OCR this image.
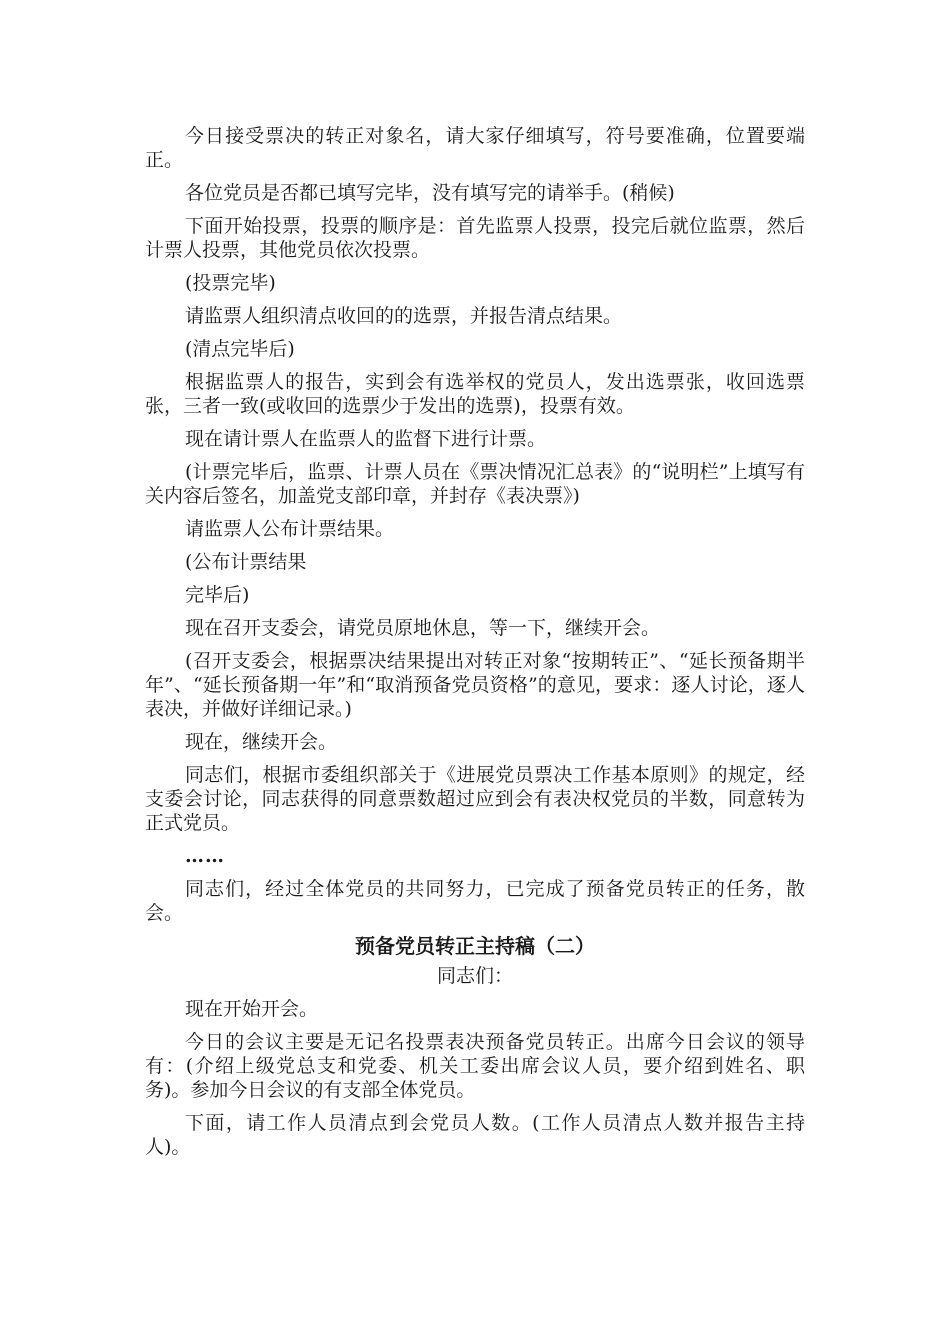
今日接受票决的转正对象名，请大家仔细填写，符号要准确，位置要端正。

各位党员是否都已填写完毕，没有填写完的请举手。(稍候)

下面开始投票，投票的顺序是：首先监票人投票，投完后就位监票，然后计票人投票，其他党员依次投票。

(投票完毕)

请监票人组织清点收回的的选票，并报告清点结果。

(清点完毕后)

根据监票人的报告，实到会有选举权的党员人，发出选票张，收回选票张，三者一致(或收回的选票少于发出的选票)，投票有效。

现在请计票人在监票人的监督下进行计票。

(计票完毕后，监票、计票人员在《票决情况汇总表》的“说明栏”上填写有关内容后签名，加盖党支部印章，并封存《表决票》)

请监票人公布计票结果。

(公布计票结果

完毕后)

现在召开支委会，请党员原地休息，等一下，继续开会。

(召开支委会，根据票决结果提出对转正对象“按期转正”、“延长预备期半年”、“延长预备期一年”和“取消预备党员资格”的意见，要求：逐人讨论，逐人表决，并做好详细记录。)

现在，继续开会。

同志们，根据市委组织部关于《进展党员票决工作基本原则》的规定，经支委会讨论，同志获得的同意票数超过应到会有表决权党员的半数，同意转为正式党员。

……

同志们，经过全体党员的共同努力，已完成了预备党员转正的任务，散会。

预备党员转正主持稿（二）

同志们：

现在开始开会。

今日的会议主要是无记名投票表决预备党员转正。出席今日会议的领导有：(介绍上级党总支和党委、机关工委出席会议人员，要介绍到姓名、职务)。参加今日会议的有支部全体党员。

下面，请工作人员清点到会党员人数。(工作人员清点人数并报告主持人)。
